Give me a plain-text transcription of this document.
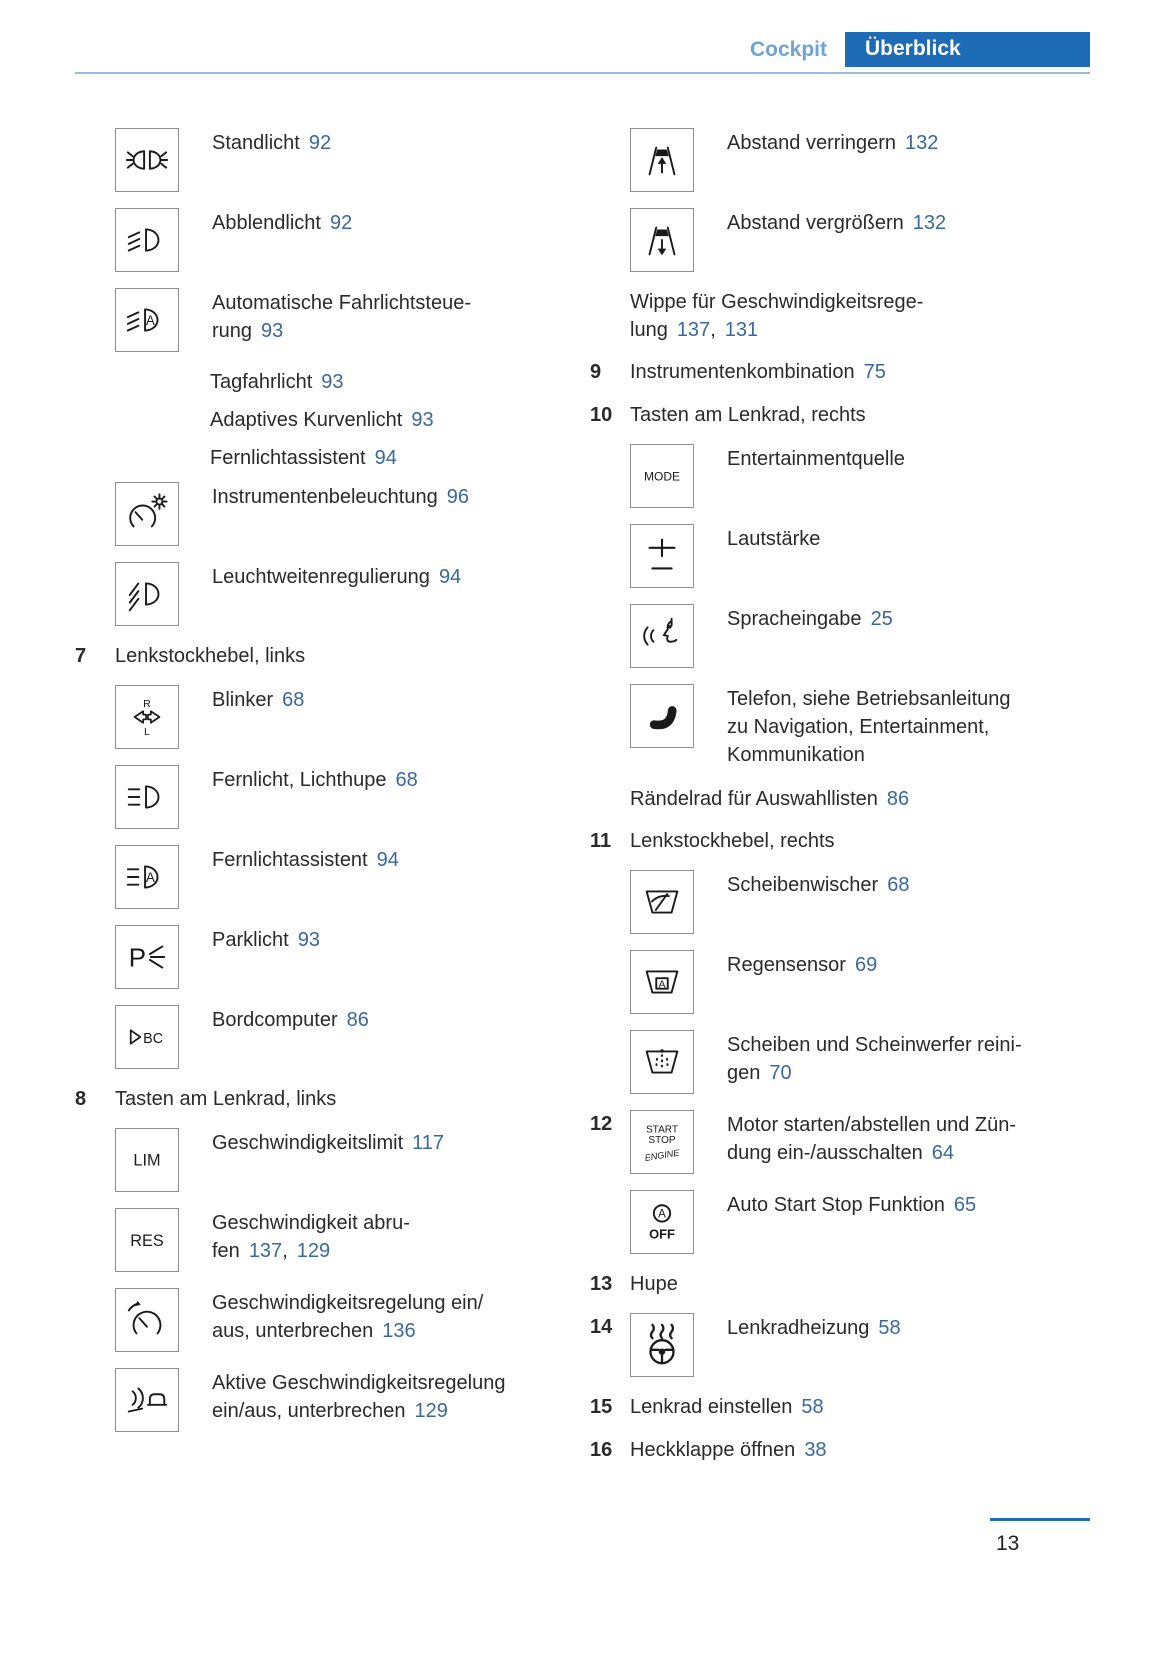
Cockpit	Überblick
Standlicht 92
Abblendlicht 92
A
Automatische Fahrlichtsteue-
rung 93
Tagfahrlicht 93
Adaptives Kurvenlicht 93
Fernlichtassistent 94
Instrumentenbeleuchtung 96
Leuchtweitenregulierung 94
7	Lenkstockhebel, links
R
L
Blinker 68
Fernlicht, Lichthupe 68
A
Fernlichtassistent 94
P
Parklicht 93
BC
Bordcomputer 86
8	Tasten am Lenkrad, links
LIM
Geschwindigkeitslimit 117
RES
Geschwindigkeit abru-
fen 137, 129
Geschwindigkeitsregelung ein/
aus, unterbrechen 136
Aktive Geschwindigkeitsregelung
ein/aus, unterbrechen 129
Abstand verringern 132
Abstand vergrößern 132
Wippe für Geschwindigkeitsrege-
lung 137, 131
9	Instrumentenkombination 75
10 Tasten am Lenkrad, rechts
MODE
Entertainmentquelle
Lautstärke
Spracheingabe 25
Telefon, siehe Betriebsanleitung
zu Navigation, Entertainment,
Kommunikation
Rändelrad für Auswahllisten 86
11 Lenkstockhebel, rechts
Scheibenwischer 68
A
Regensensor 69
Scheiben und Scheinwerfer reini-
gen 70
12	START
STOP
ENGINE
Motor starten/abstellen und Zün-
dung ein-/ausschalten 64
A
OFF
Auto Start Stop Funktion 65
13 Hupe
14	Lenkradheizung 58
15 Lenkrad einstellen 58
16 Heckklappe öffnen 38
13
